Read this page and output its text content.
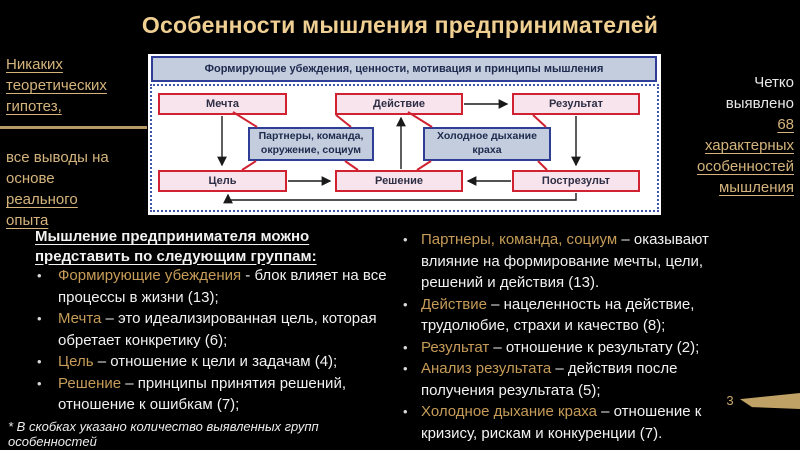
Особенности мышления предпринимателей
Никаких
теоретических
гипотез,
все выводы на
основе
реального
опыта
Четко
выявлено
68
характерных
особенностей
мышления
Формирующие убеждения, ценности, мотивация и принципы мышления
Мечта	Действие	Результат
Партнеры, команда, окружение, социум
Холодное дыхание краха
Цель	Решение	Пострезульт
Мышление предпринимателя можно представить по следующим группам:
•	Формирующие убеждения - блок влияет на все процессы в жизни (13);
•	Мечта – это идеализированная цель, которая обретает конкретику (6);
•	Цель – отношение к цели и задачам (4);
•	Решение – принципы принятия решений, отношение к ошибкам (7);
• Партнеры, команда, социум – оказывают влияние на формирование мечты, цели, решений и действия (13).
• Действие – нацеленность на действие, трудолюбие, страхи и качество (8);
• Результат – отношение к результату (2);
• Анализ результата – действия после получения результата (5);
• Холодное дыхание краха – отношение к кризису, рискам и конкуренции (7).
* В скобках указано количество выявленных групп особенностей
3
